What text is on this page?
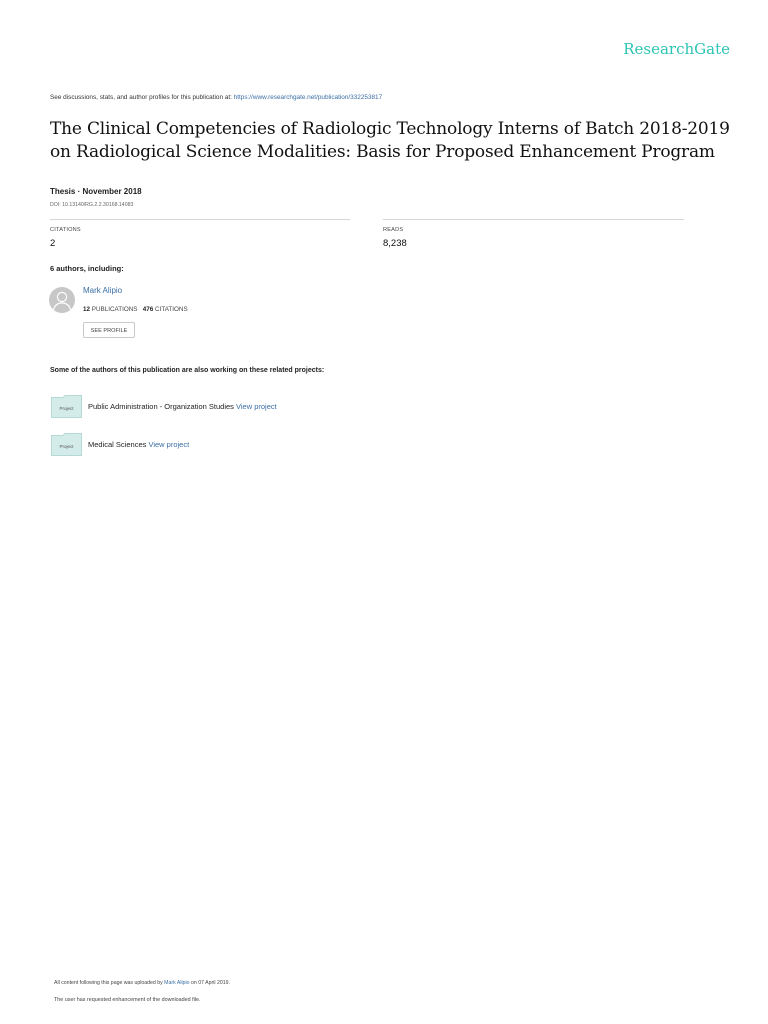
ResearchGate
See discussions, stats, and author profiles for this publication at: https://www.researchgate.net/publication/332253817
The Clinical Competencies of Radiologic Technology Interns of Batch 2018-2019
on Radiological Science Modalities: Basis for Proposed Enhancement Program
Thesis · November 2018
DOI: 10.13140/RG.2.2.30168.14083
CITATIONS
2
READS
8,238
6 authors, including:
Mark Alipio
12 PUBLICATIONS 476 CITATIONS
SEE PROFILE
Some of the authors of this publication are also working on these related projects:
Project Public Administration - Organization Studies View project
Project Medical Sciences View project
All content following this page was uploaded by Mark Alipio on 07 April 2019.
The user has requested enhancement of the downloaded file.
